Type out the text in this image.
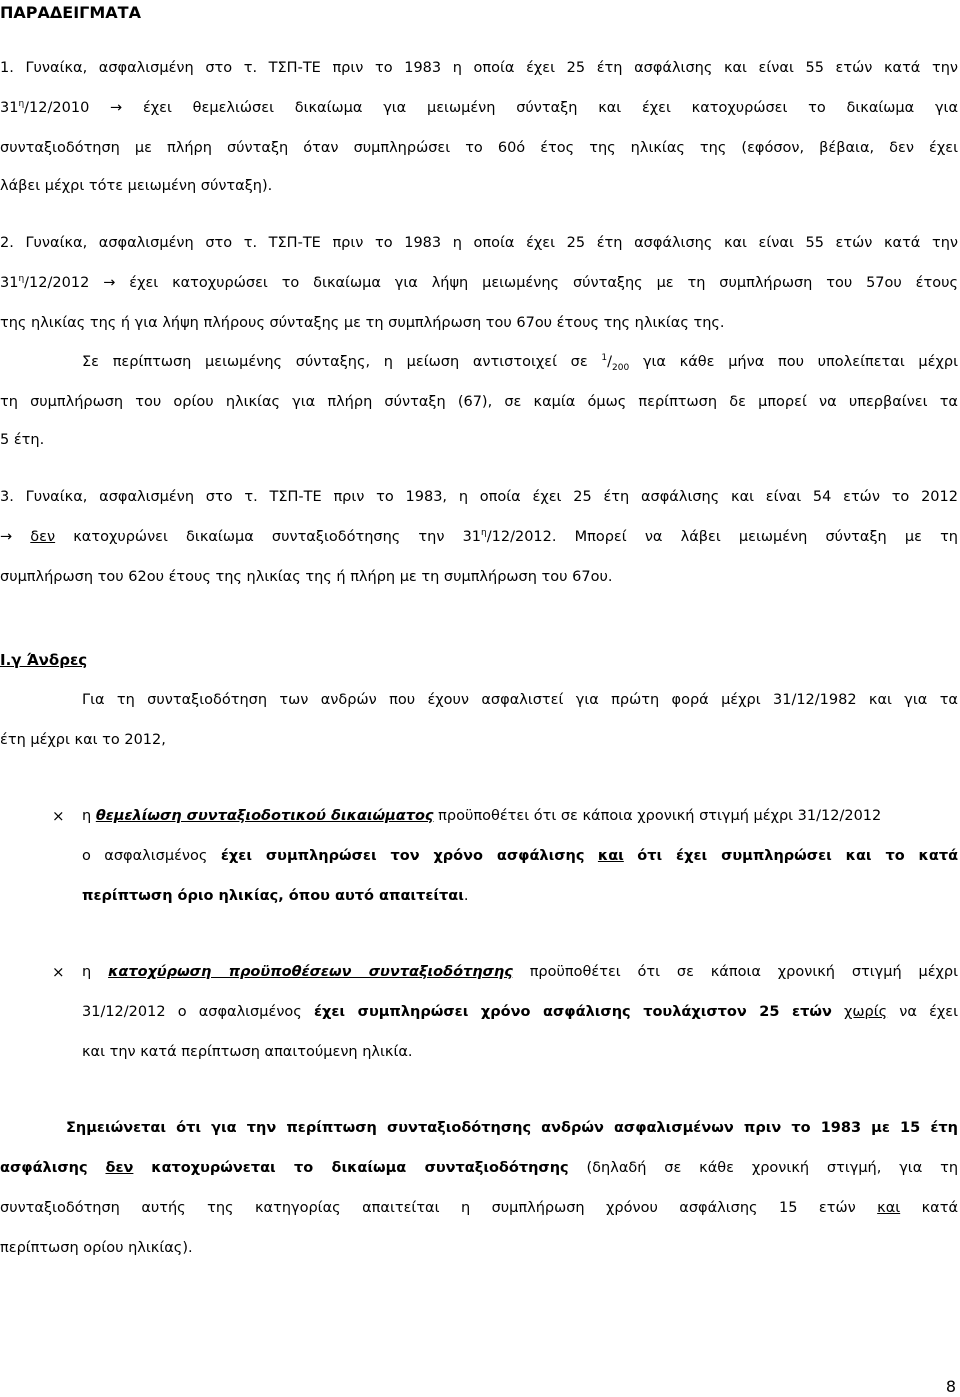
ΠΑΡΑΔΕΙΓΜΑΤΑ
1. Γυναίκα, ασφαλισμένη στο τ. ΤΣΠ-ΤΕ πριν το 1983 η οποία έχει 25 έτη ασφάλισης και είναι 55 ετών κατά την
$31^\eta/12/2010 \to έ\chi\varepsilon\iota$ θεμελιώσει δικαίωμα για μειωμένη σύνταξη και έχει κατοχυρώσει το δικαίωμα για
συνταξιοδότηση με πλήρη σύνταξη όταν συμπληρώσει το 60ό έτος της ηλικίας της (εφόσον, βέβαια, δεν έχει
λάβει μέχρι τότε μειωμένη σύνταξη).
2. Γυναίκα, ασφαλισμένη στο τ. ΤΣΠ-ΤΕ πριν το 1983 η οποία έχει 25 έτη ασφάλισης και είναι 55 ετών κατά την
$31^\eta/12/2012 \to έ\chi\varepsilon\iota$ κατοχυρώσει το δικαίωμα για λήψη μειωμένης σύνταξης με τη συμπλήρωση του 57ου έτους
της ηλικίας της ή για λήψη πλήρους σύνταξης με τη συμπλήρωση του 67ου έτους της ηλικίας της.
Σε περίπτωση μειωμένης σύνταξης, η μείωση αντιστοιχεί σε $^1/_{200}$ για κάθε μήνα που υπολείπεται μέχρι
τη συμπλήρωση του ορίου ηλικίας για πλήρη σύνταξη (67), σε καμία όμως περίπτωση δε μπορεί να υπερβαίνει τα
5 έτη.
3. Γυναίκα, ασφαλισμένη στο τ. ΤΣΠ-ΤΕ πριν το 1983, η οποία έχει 25 έτη ασφάλισης και είναι 54 ετών το 2012
→ δεν κατοχυρώνει δικαίωμα συνταξιοδότησης την $31^\eta/12/2012$. Μπορεί να λάβει μειωμένη σύνταξη με τη
συμπλήρωση του 62ου έτους της ηλικίας της ή πλήρη με τη συμπλήρωση του 67ου.
Ι.γ Άνδρες
Για τη συνταξιοδότηση των ανδρών που έχουν ασφαλιστεί για πρώτη φορά μέχρι 31/12/1982 και για τα
έτη μέχρι και το 2012,
× η θεμελίωση συνταξιοδοτικού δικαιώματος προϋποθέτει ότι σε κάποια χρονική στιγμή μέχρι 31/12/2012
ο ασφαλισμένος έχει συμπληρώσει τον χρόνο ασφάλισης και ότι έχει συμπληρώσει και το κατά
περίπτωση όριο ηλικίας, όπου αυτό απαιτείται.
× η κατοχύρωση προϋποθέσεων συνταξιοδότησης προϋποθέτει ότι σε κάποια χρονική στιγμή μέχρι
31/12/2012 ο ασφαλισμένος έχει συμπληρώσει χρόνο ασφάλισης τουλάχιστον 25 ετών χωρίς να έχει
και την κατά περίπτωση απαιτούμενη ηλικία.
Σημειώνεται ότι για την περίπτωση συνταξιοδότησης ανδρών ασφαλισμένων πριν το 1983 με 15 έτη
ασφάλισης δεν κατοχυρώνεται το δικαίωμα συνταξιοδότησης (δηλαδή σε κάθε χρονική στιγμή, για τη
συνταξιοδότηση αυτής της κατηγορίας απαιτείται η συμπλήρωση χρόνου ασφάλισης 15 ετών και κατά
περίπτωση ορίου ηλικίας).
8
